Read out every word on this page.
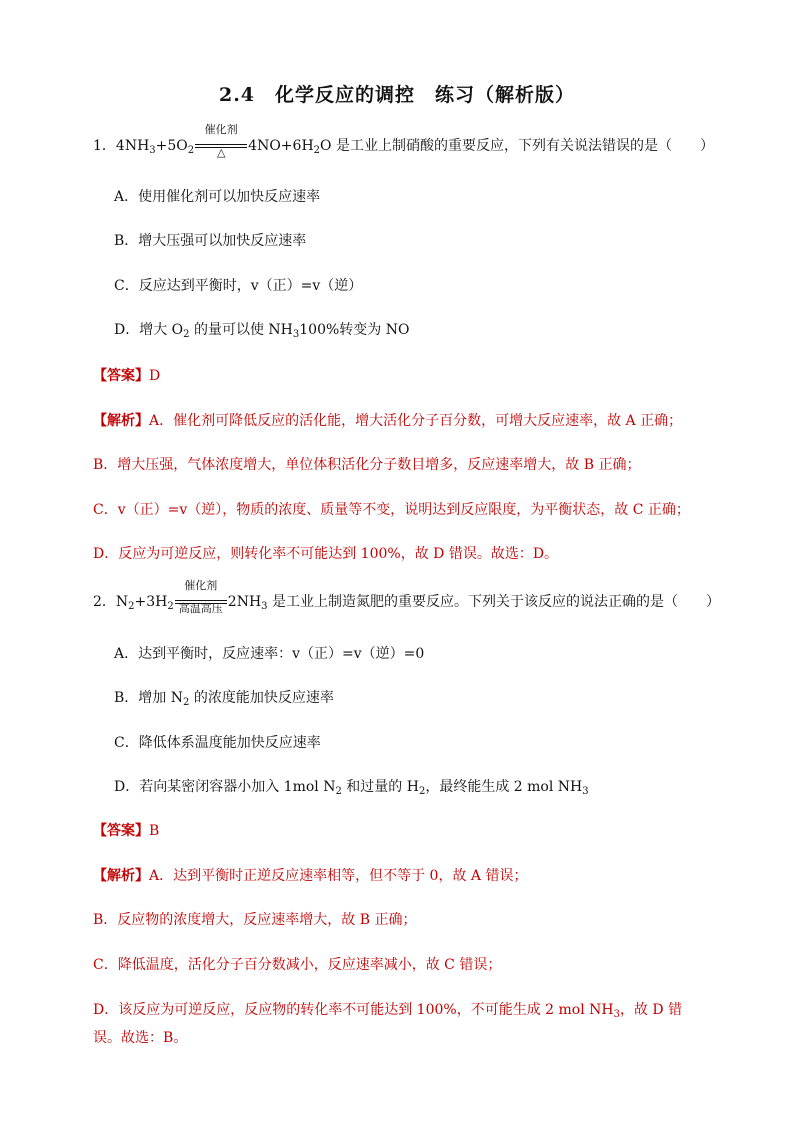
2.4　化学反应的调控　练习（解析版）
1．$4NH_3+5O_2$
催化剂
△	$4NO+6H_2O$ 是工业上制硝酸的重要反应，下列有关说法错误的是（　　）
A．使用催化剂可以加快反应速率
B．增大压强可以加快反应速率
C．反应达到平衡时，v（正）=v（逆）
D．增大 $O_2$ 的量可以使 $NH_3100\%$转变为 NO
【答案】D
【解析】A．催化剂可降低反应的活化能，增大活化分子百分数，可增大反应速率，故 A 正确；
B．增大压强，气体浓度增大，单位体积活化分子数目增多，反应速率增大，故 B 正确；
C．v（正）=v（逆），物质的浓度、质量等不变，说明达到反应限度，为平衡状态，故 C 正确；
D．反应为可逆反应，则转化率不可能达到 100%，故 D 错误。故选：D。
2．$N_2+3H_2$
催化剂
高温高压 $2NH_3$ 是工业上制造氮肥的重要反应。下列关于该反应的说法正确的是（　　）
A．达到平衡时，反应速率：v（正）=v（逆）=0
B．增加 $N_2$ 的浓度能加快反应速率
C．降低体系温度能加快反应速率
D．若向某密闭容器小加入 1mol $N_2$ 和过量的 $H_2$，最终能生成 2 mol $NH_3$
【答案】B
【解析】A．达到平衡时正逆反应速率相等，但不等于 0，故 A 错误；
B．反应物的浓度增大，反应速率增大，故 B 正确；
C．降低温度，活化分子百分数减小，反应速率减小，故 C 错误；
D．该反应为可逆反应，反应物的转化率不可能达到 100%，不可能生成 2 mol $NH_3$，故 D 错误。故选：B。
